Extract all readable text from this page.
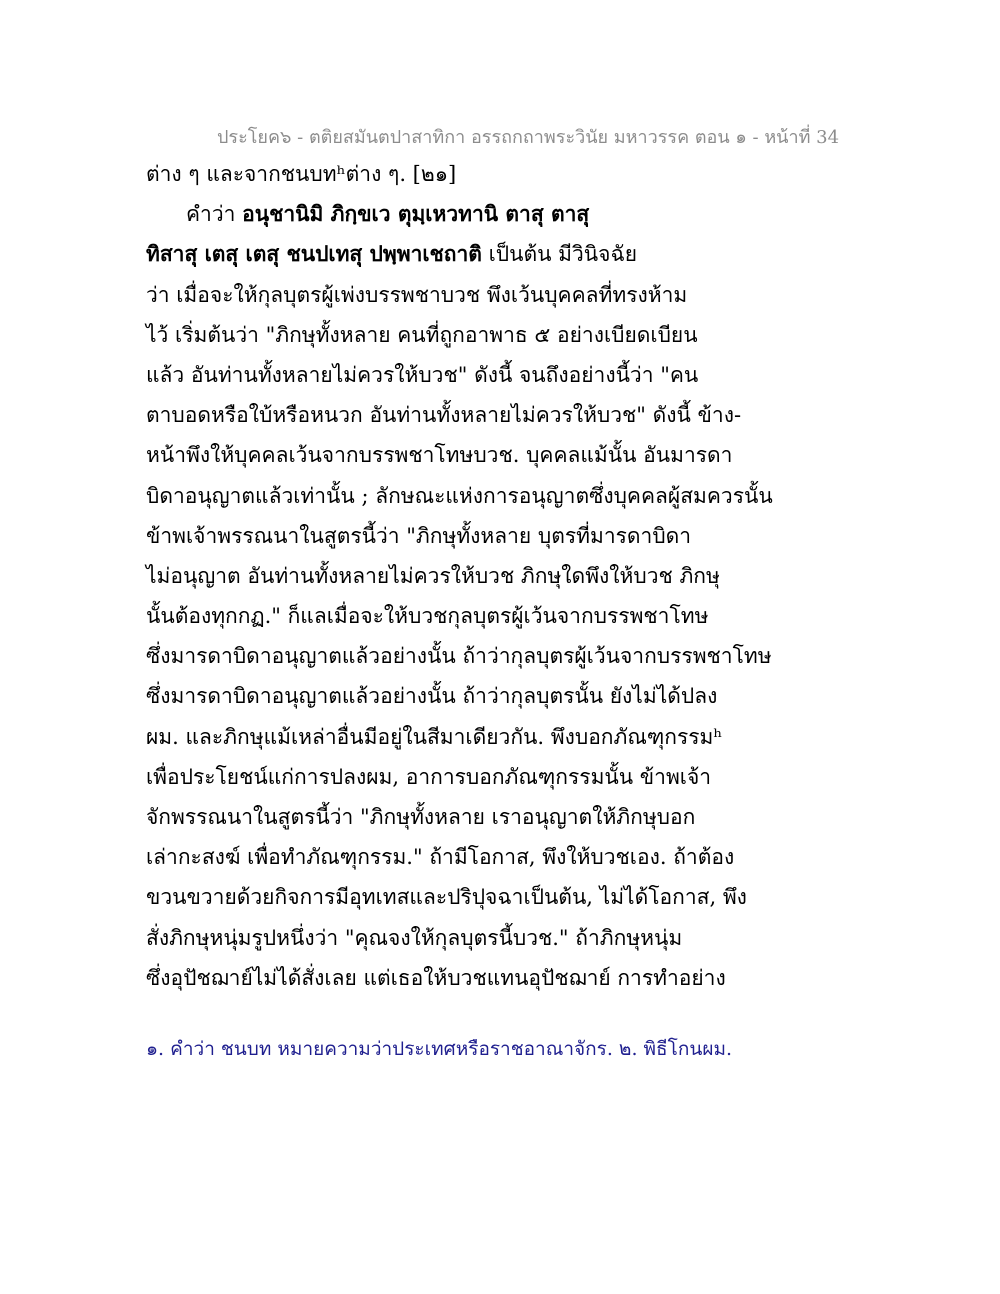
ประโยค๖ - ตติยสมันตปาสาทิกา อรรถกถาพระวินัย มหาวรรค ตอน ๑ - หน้าที่ 34
ต่าง ๆ และจากชนบทʰต่าง ๆ. [๒๑]
คำว่า อนุชานิมิ ภิกฺขเว ตุมฺเหวทานิ ตาสุ ตาสุ
ทิสาสุ เตสุ เตสุ ชนปเทสุ ปพฺพาเชถาติ เป็นต้น มีวินิจฉัย
ว่า เมื่อจะให้กุลบุตรผู้เพ่งบรรพชาบวช พึงเว้นบุคคลที่ทรงห้าม
ไว้ เริ่มต้นว่า "ภิกษุทั้งหลาย คนที่ถูกอาพาธ ๕ อย่างเบียดเบียน
แล้ว อันท่านทั้งหลายไม่ควรให้บวช" ดังนี้ จนถึงอย่างนี้ว่า "คน
ตาบอดหรือใบ้หรือหนวก อันท่านทั้งหลายไม่ควรให้บวช" ดังนี้ ข้าง-
หน้าพึงให้บุคคลเว้นจากบรรพชาโทษบวช. บุคคลแม้นั้น อันมารดา
บิดาอนุญาตแล้วเท่านั้น ; ลักษณะแห่งการอนุญาตซึ่งบุคคลผู้สมควรนั้น
ข้าพเจ้าพรรณนาในสูตรนี้ว่า "ภิกษุทั้งหลาย บุตรที่มารดาบิดา
ไม่อนุญาต อันท่านทั้งหลายไม่ควรให้บวช ภิกษุใดพึงให้บวช ภิกษุ
นั้นต้องทุกกฏ." ก็แลเมื่อจะให้บวชกุลบุตรผู้เว้นจากบรรพชาโทษ
ซึ่งมารดาบิดาอนุญาตแล้วอย่างนั้น ถ้าว่ากุลบุตรผู้เว้นจากบรรพชาโทษ
ซึ่งมารดาบิดาอนุญาตแล้วอย่างนั้น ถ้าว่ากุลบุตรนั้น ยังไม่ได้ปลง
ผม. และภิกษุแม้เหล่าอื่นมีอยู่ในสีมาเดียวกัน. พึงบอกภัณฑุกรรมʰ
เพื่อประโยชน์แก่การปลงผม, อาการบอกภัณฑุกรรมนั้น ข้าพเจ้า
จักพรรณนาในสูตรนี้ว่า "ภิกษุทั้งหลาย เราอนุญาตให้ภิกษุบอก
เล่ากะสงฆ์ เพื่อทำภัณฑุกรรม." ถ้ามีโอกาส, พึงให้บวชเอง. ถ้าต้อง
ขวนขวายด้วยกิจการมีอุทเทสและปริปุจฉาเป็นต้น, ไม่ได้โอกาส, พึง
สั่งภิกษุหนุ่มรูปหนึ่งว่า "คุณจงให้กุลบุตรนี้บวช." ถ้าภิกษุหนุ่ม
ซึ่งอุปัชฌาย์ไม่ได้สั่งเลย แต่เธอให้บวชแทนอุปัชฌาย์ การทำอย่าง
๑. คำว่า ชนบท หมายความว่าประเทศหรือราชอาณาจักร. ๒. พิธีโกนผม.
